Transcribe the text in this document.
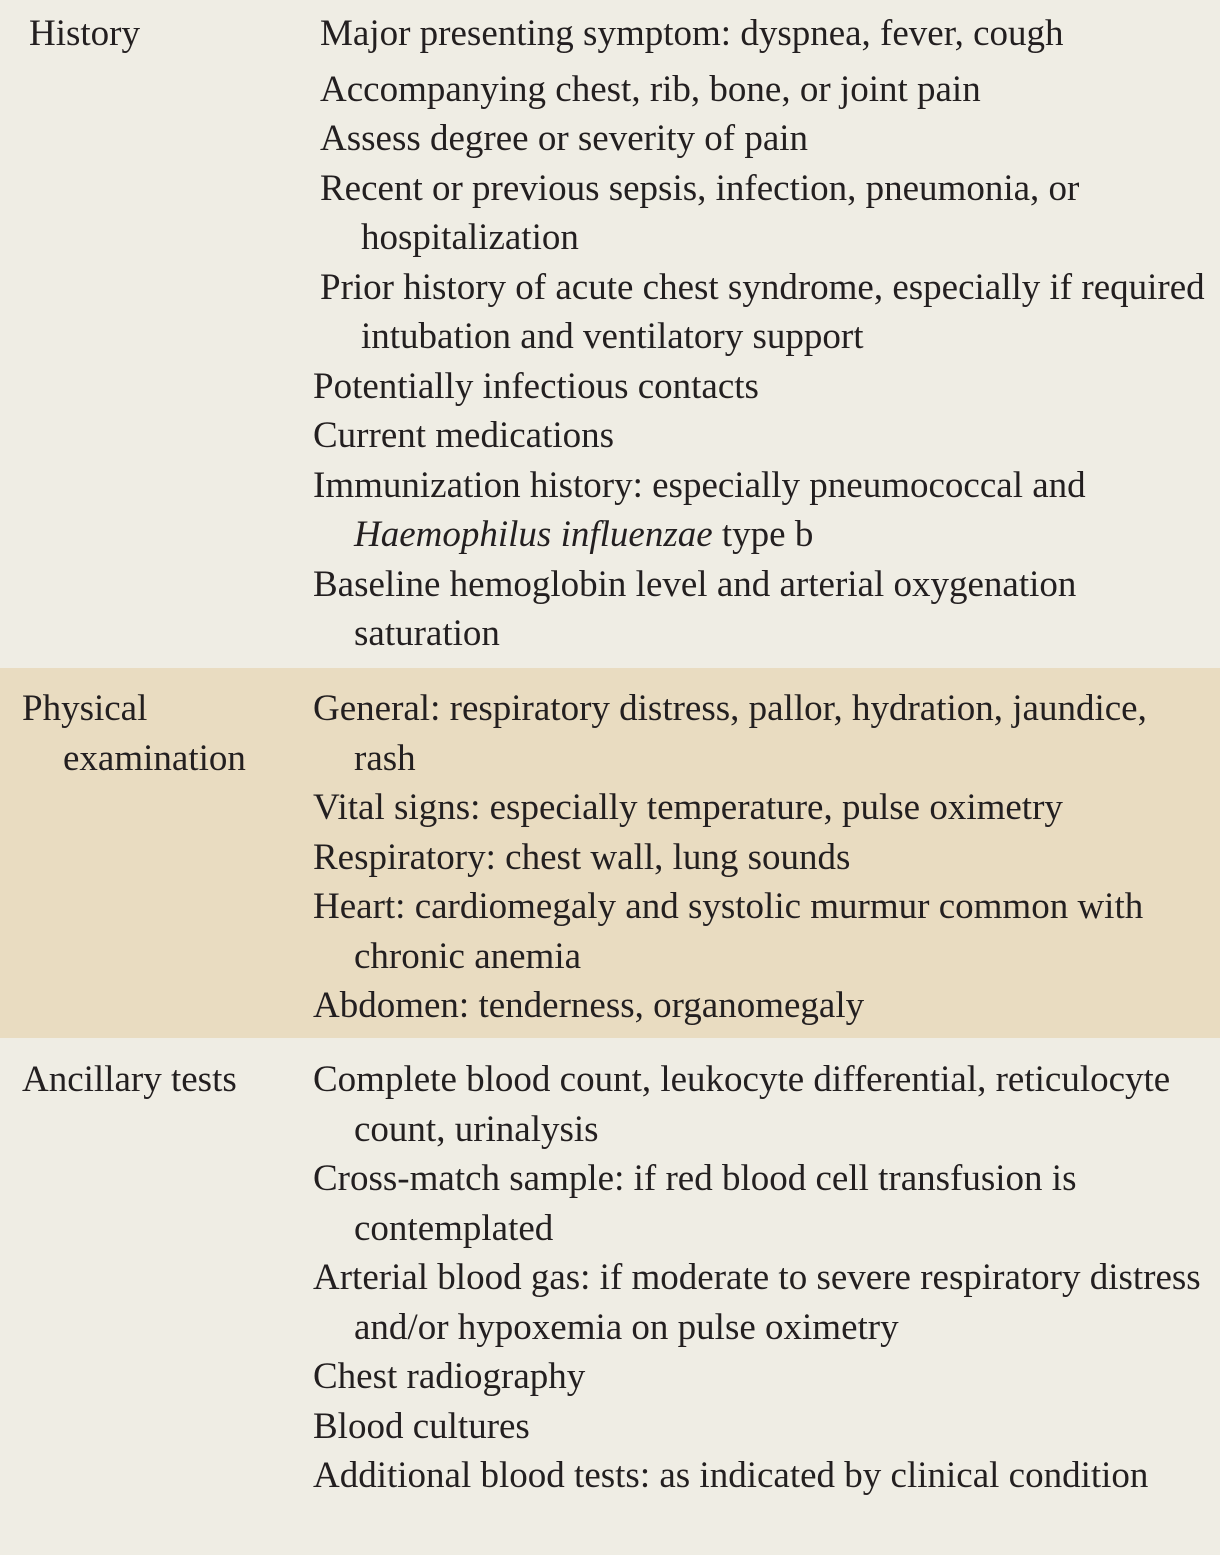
History	Major presenting symptom: dyspnea, fever, cough
Accompanying chest, rib, bone, or joint pain
Assess degree or severity of pain
Recent or previous sepsis, infection, pneumonia, or hospitalization
Prior history of acute chest syndrome, especially if required intubation and ventilatory support
Potentially infectious contacts
Current medications
Immunization history: especially pneumococcal and Haemophilus influenzae type b
Baseline hemoglobin level and arterial oxygenation saturation
Physical
examination
General: respiratory distress, pallor, hydration, jaundice, rash
Vital signs: especially temperature, pulse oximetry
Respiratory: chest wall, lung sounds
Heart: cardiomegaly and systolic murmur common with chronic anemia
Abdomen: tenderness, organomegaly
Ancillary tests	Complete blood count, leukocyte differential, reticulocyte count, urinalysis
Cross-match sample: if red blood cell transfusion is contemplated
Arterial blood gas: if moderate to severe respiratory distress and/or hypoxemia on pulse oximetry
Chest radiography
Blood cultures
Additional blood tests: as indicated by clinical condition
